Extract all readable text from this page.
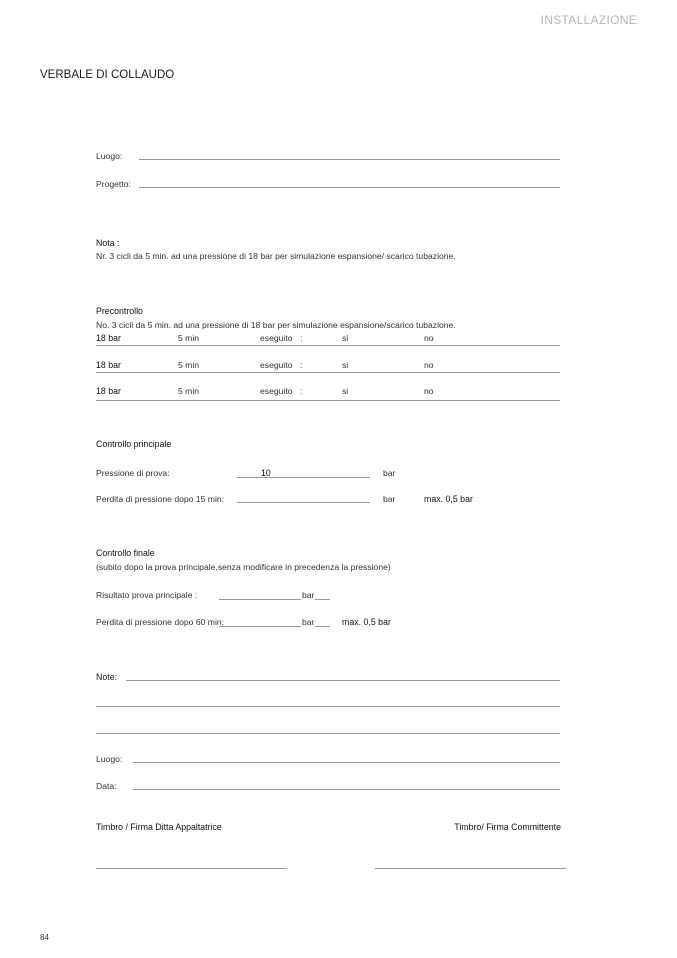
INSTALLAZIONE
VERBALE DI COLLAUDO
Luogo:
Progetto:
Nota :
Nr. 3 cicli da 5 min. ad una pressione di 18 bar per simulazione espansione/ scarico tubazione.
Precontrollo
No. 3 cicli da 5 min. ad una pressione di 18 bar per simulazione espansione/scarico tubazione.
18 bar	5 min	eseguito :	si	no
18 bar	5 min	eseguito :	si	no
18 bar	5 min	eseguito :	si	no
Controllo principale
Pressione di prova:	10	bar
Perdita di pressione dopo 15 min:	bar	max. 0,5 bar
Controllo finale
(subito dopo la prova principale,senza modificare in precedenza la pressione)
Risultato prova principale :	bar
Perdita di pressione dopo 60 min:	bar	max. 0,5 bar
Note:
Luogo:
Data:
Timbro / Firma Ditta Appaltatrice	Timbro/ Firma Committente
84
